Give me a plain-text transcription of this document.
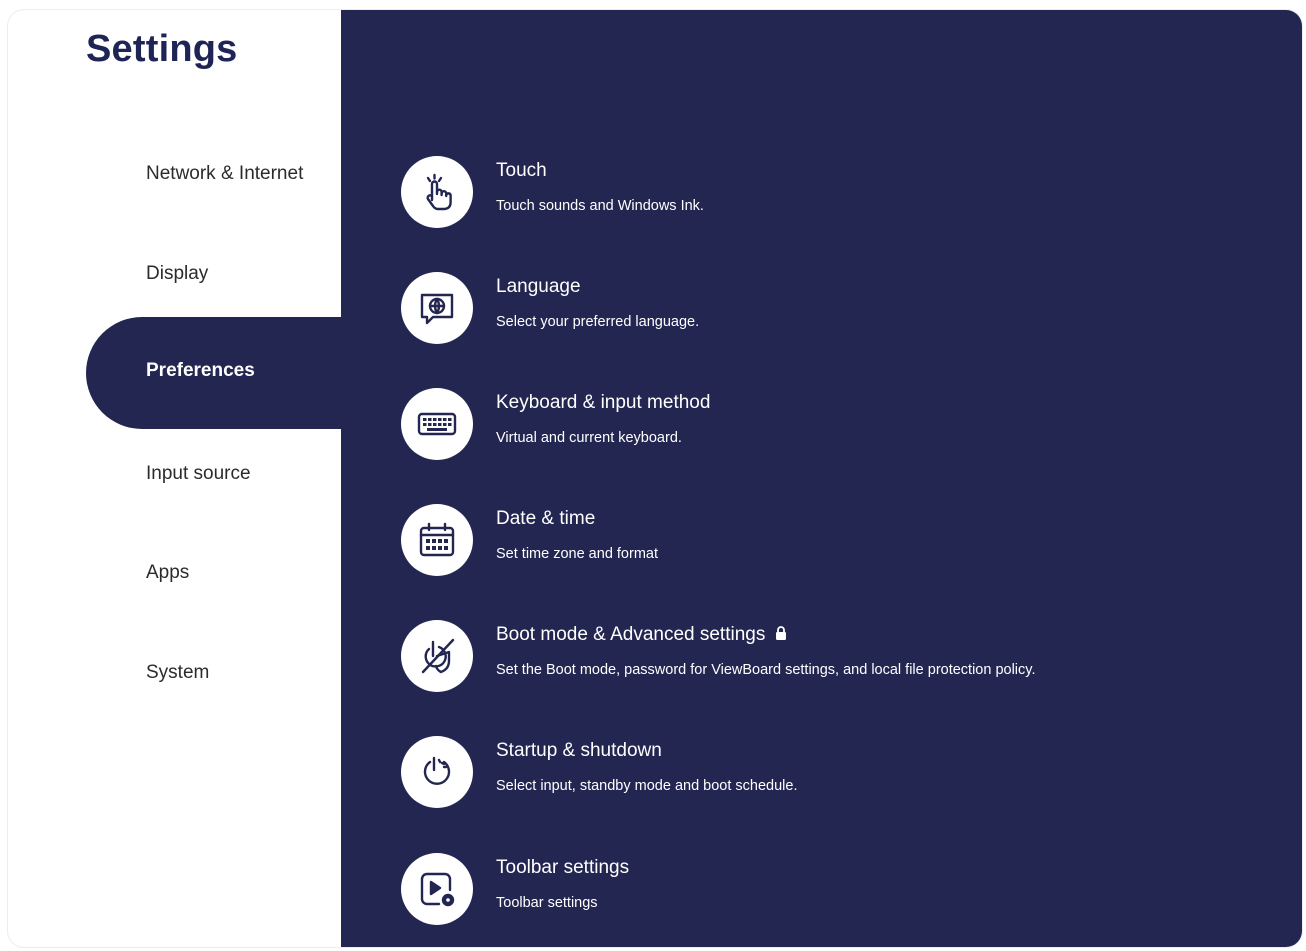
Settings
Network & Internet
Display
Preferences
Input source
Apps
System
Touch
Touch sounds and Windows Ink.
Language
Select your preferred language.
Keyboard & input method
Virtual and current keyboard.
Date & time
Set time zone and format
Boot mode & Advanced settings
Set the Boot mode, password for ViewBoard settings, and local file protection policy.
Startup & shutdown
Select input, standby mode and boot schedule.
Toolbar settings
Toolbar settings
